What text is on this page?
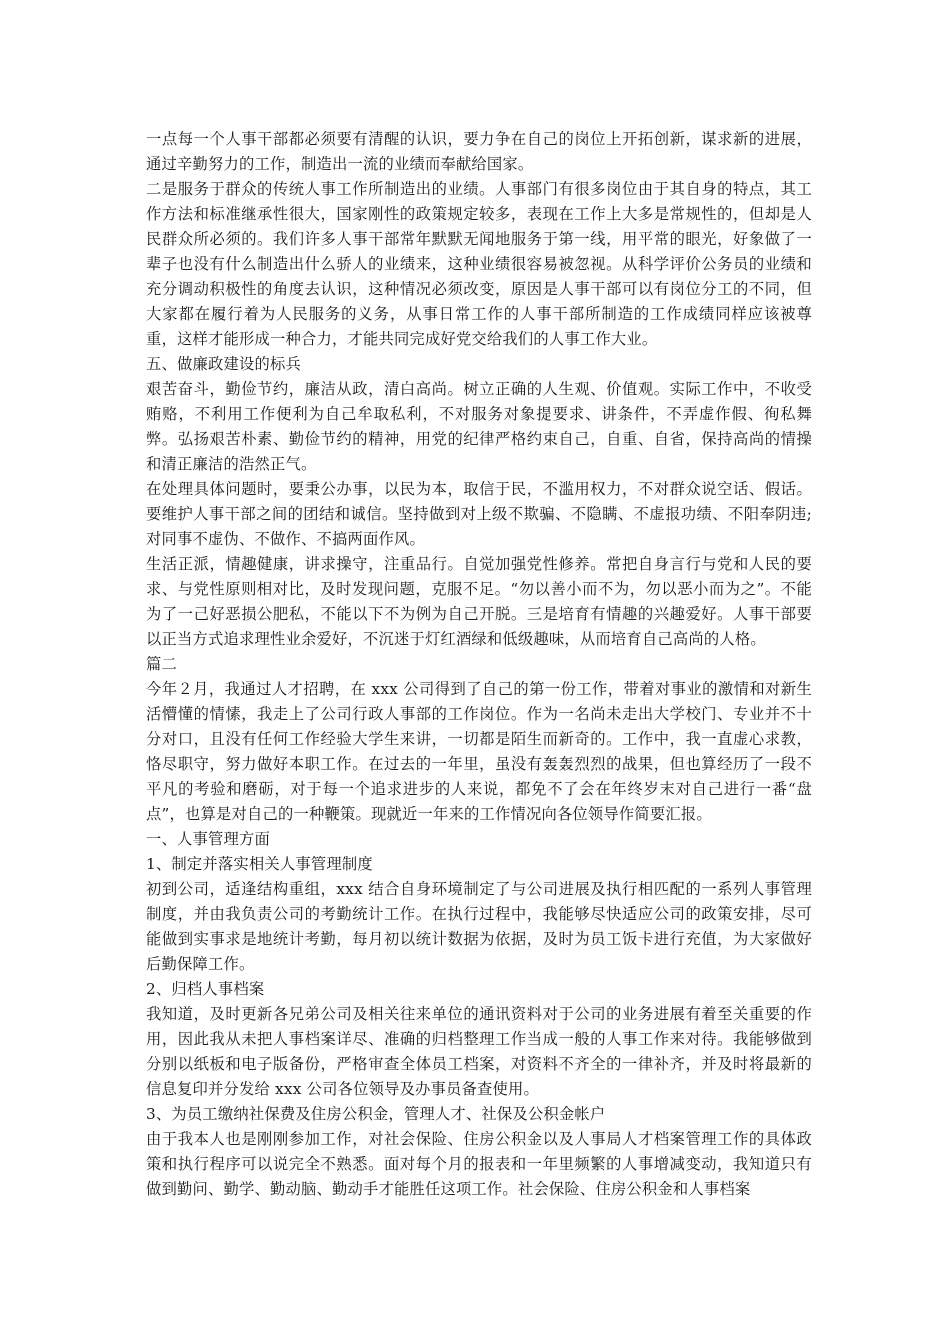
一点每一个人事干部都必须要有清醒的认识，要力争在自己的岗位上开拓创新，谋求新的进展，通过辛勤努力的工作，制造出一流的业绩而奉献给国家。

二是服务于群众的传统人事工作所制造出的业绩。人事部门有很多岗位由于其自身的特点，其工作方法和标准继承性很大，国家刚性的政策规定较多，表现在工作上大多是常规性的，但却是人民群众所必须的。我们许多人事干部常年默默无闻地服务于第一线，用平常的眼光，好象做了一辈子也没有什么制造出什么骄人的业绩来，这种业绩很容易被忽视。从科学评价公务员的业绩和充分调动积极性的角度去认识，这种情况必须改变，原因是人事干部可以有岗位分工的不同，但大家都在履行着为人民服务的义务，从事日常工作的人事干部所制造的工作成绩同样应该被尊重，这样才能形成一种合力，才能共同完成好党交给我们的人事工作大业。

五、做廉政建设的标兵

艰苦奋斗，勤俭节约，廉洁从政，清白高尚。树立正确的人生观、价值观。实际工作中，不收受贿赂，不利用工作便利为自己牟取私利，不对服务对象提要求、讲条件，不弄虚作假、徇私舞弊。弘扬艰苦朴素、勤俭节约的精神，用党的纪律严格约束自己，自重、自省，保持高尚的情操和清正廉洁的浩然正气。

在处理具体问题时，要秉公办事，以民为本，取信于民，不滥用权力，不对群众说空话、假话。要维护人事干部之间的团结和诚信。坚持做到对上级不欺骗、不隐瞒、不虚报功绩、不阳奉阴违;对同事不虚伪、不做作、不搞两面作风。

生活正派，情趣健康，讲求操守，注重品行。自觉加强党性修养。常把自身言行与党和人民的要求、与党性原则相对比，及时发现问题，克服不足。“勿以善小而不为，勿以恶小而为之”。不能为了一己好恶损公肥私，不能以下不为例为自己开脱。三是培育有情趣的兴趣爱好。人事干部要以正当方式追求理性业余爱好，不沉迷于灯红酒绿和低级趣味，从而培育自己高尚的人格。

篇二

今年２月，我通过人才招聘，在 xxx 公司得到了自己的第一份工作，带着对事业的激情和对新生活懵懂的情愫，我走上了公司行政人事部的工作岗位。作为一名尚未走出大学校门、专业并不十分对口，且没有任何工作经验大学生来讲，一切都是陌生而新奇的。工作中，我一直虚心求教，恪尽职守，努力做好本职工作。在过去的一年里，虽没有轰轰烈烈的战果，但也算经历了一段不平凡的考验和磨砺，对于每一个追求进步的人来说，都免不了会在年终岁末对自己进行一番“盘点”，也算是对自己的一种鞭策。现就近一年来的工作情况向各位领导作简要汇报。

一、人事管理方面

1、制定并落实相关人事管理制度

初到公司，适逢结构重组，xxx 结合自身环境制定了与公司进展及执行相匹配的一系列人事管理制度，并由我负责公司的考勤统计工作。在执行过程中，我能够尽快适应公司的政策安排，尽可能做到实事求是地统计考勤，每月初以统计数据为依据，及时为员工饭卡进行充值，为大家做好后勤保障工作。

2、归档人事档案

我知道，及时更新各兄弟公司及相关往来单位的通讯资料对于公司的业务进展有着至关重要的作用，因此我从未把人事档案详尽、准确的归档整理工作当成一般的人事工作来对待。我能够做到分别以纸板和电子版备份，严格审查全体员工档案，对资料不齐全的一律补齐，并及时将最新的信息复印并分发给 xxx 公司各位领导及办事员备查使用。

3、为员工缴纳社保费及住房公积金，管理人才、社保及公积金帐户

由于我本人也是刚刚参加工作，对社会保险、住房公积金以及人事局人才档案管理工作的具体政策和执行程序可以说完全不熟悉。面对每个月的报表和一年里频繁的人事增减变动，我知道只有做到勤问、勤学、勤动脑、勤动手才能胜任这项工作。社会保险、住房公积金和人事档案
